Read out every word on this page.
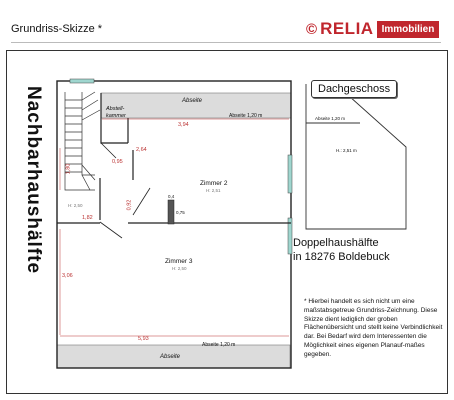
Grundriss-Skizze *	© RELIA Immobilien
Nachbarhaushälfte	Abseite
Abseite 1,20 m
Abstell-
kammer
3,94
2,64
0,95
1,80
Zimmer 2
H: 2,51
0,92
0,4
0,75
H: 2,50
1,82
Zimmer 3
H: 2,50
3,06
5,93
Abseite 1,20 m
Abseite
Dachgeschoss
Abseite 1,20 m
H.: 2,51 m
Doppelhaushälfte
in 18276 Boldebuck
* Hierbei handelt es sich nicht um eine maßstabsgetreue Grundriss-Zeichnung. Diese Skizze dient lediglich der groben Flächenübersicht und stellt keine Verbindlichkeit dar. Bei Bedarf wird dem Interessenten die Möglichkeit eines eigenen Planauf-maßes gegeben.
